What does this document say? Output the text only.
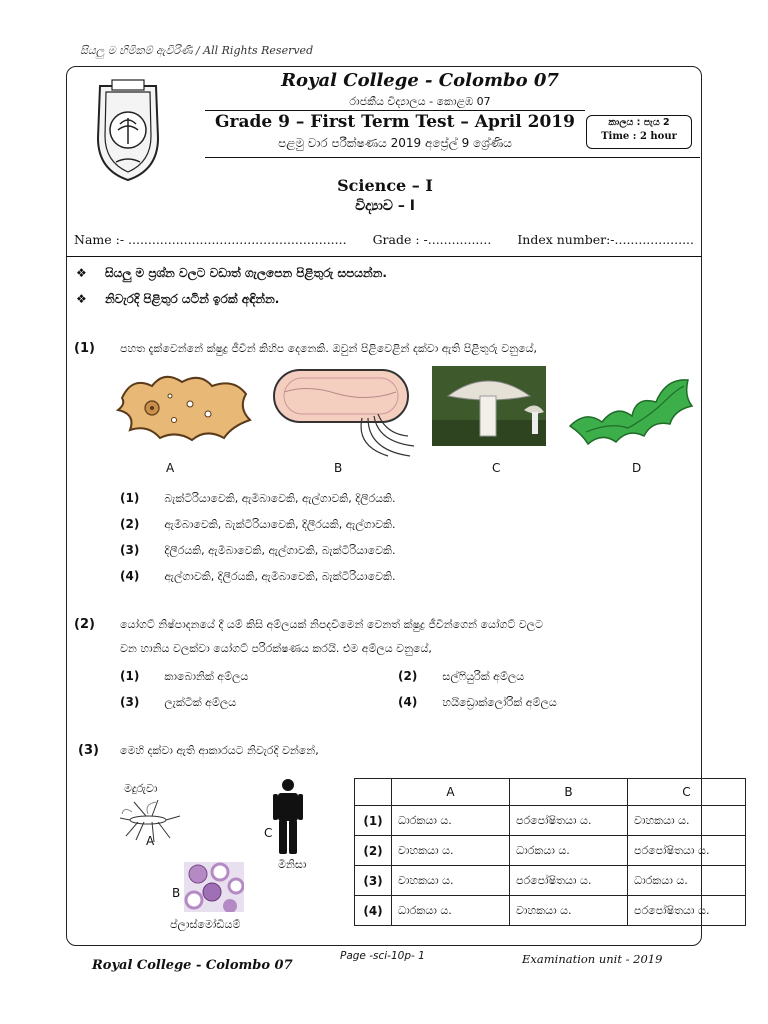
සියලු ම හිමිකම් ඇවිරිණි / All Rights Reserved
Royal College - Colombo 07
රාජකීය විද්‍යාලය - කොළඹ 07
Grade 9 – First Term Test – April 2019
පළමු වාර පරීක්ෂණය 2019 අප්‍රේල් 9 ශ්‍රේණිය
කාලය : පැය 2
Time : 2 hour
Science – I
විද්‍යාව – I
Name :- ....................................................... Grade : -................ Index number:-....................
❖ සියලු ම ප්‍රශ්න වලට වඩාත් ගැලපෙන පිළිතුරු සපයන්න.
❖ නිවැරදි පිළිතුර යටින් ඉරක් අඳින්න.
(1) පහත දැක්වෙන්නේ ක්ෂුද්‍ර ජීවීන් කිහිප දෙනෙකි. ඔවුන් පිළිවෙළින් දක්වා ඇති පිළිතුරු වනුයේ,
A	B	C	D
(1) බැක්ටීරියාවෙකි, ඇමීබාවෙකි, ඇල්ගාවකි, දිලීරයකි.
(2) ඇමීබාවෙකි, බැක්ටීරියාවෙකි, දිලීරයකි, ඇල්ගාවකි.
(3) දිලීරයකි, ඇමීබාවෙකි, ඇල්ගාවකි, බැක්ටීරියාවෙකි.
(4) ඇල්ගාවකි, දිලීරයකි, ඇමීබාවෙකි, බැක්ටීරියාවෙකි.
(2) යෝගට් නිෂ්පාදනයේ දී යම් කිසි අම්ලයක් නිපදවීමෙන් වෙනත් ක්ෂුද්‍ර ජීවීන්ගෙන් යෝගට් වලට
වන හානිය වලක්වා යෝගට් පරිරක්ෂණය කරයි. එම අම්ලය වනුයේ,
(1) කාබොනික් අම්ලය	(2) සල්ෆියුරික් අම්ලය
(3) ලැක්ටික් අම්ලය	(4) හයිඩ්‍රොක්ලෝරික් අම්ලය
(3) මෙහි දක්වා ඇති ආකාරයට නිවැරදි වන්නේ,
මදුරුවා
A
C
මිනිසා
B
ප්ලාස්මෝඩියම්
	A	B	C
(1)	ධාරකයා ය.	පරපෝෂිතයා ය.	වාහකයා ය.
(2)	වාහකයා ය.	ධාරකයා ය.	පරපෝෂිතයා ය.
(3)	වාහකයා ය.	පරපෝෂිතයා ය.	ධාරකයා ය.
(4)	ධාරකයා ය.	වාහකයා ය.	පරපෝෂිතයා ය.
Royal College - Colombo 07
Page -sci-10p- 1	Examination unit - 2019
